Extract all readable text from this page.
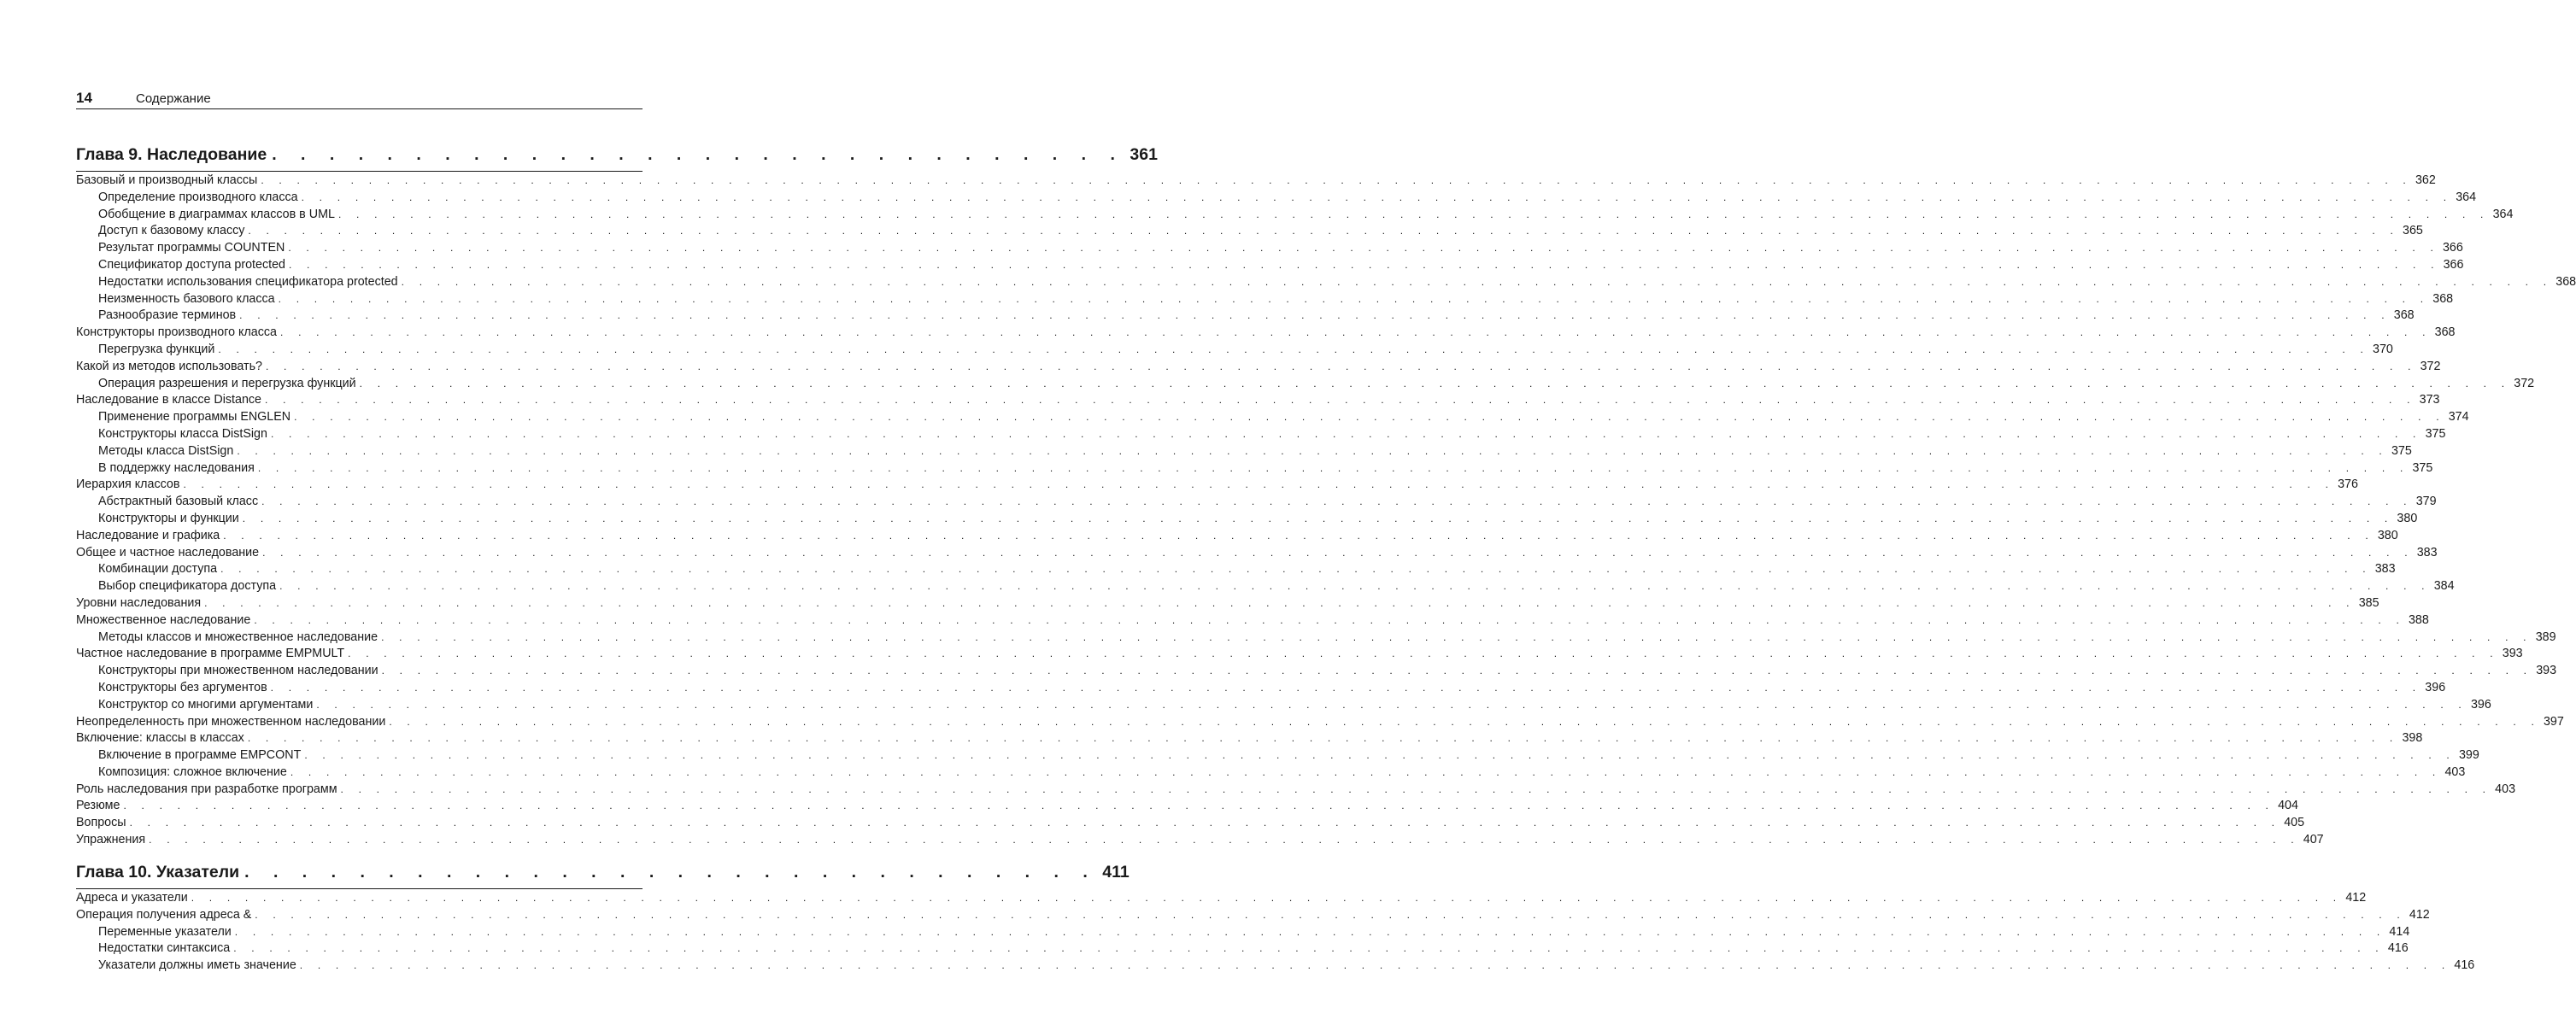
14	Содержание
Глава 9. Наследование . . . . . . . . . . . . . . . . . . . . . . . . . . . . . . 361
Базовый и производный классы . . . . . . . . . . . . . . . . . . . . . . . . . . . . . . . . . . . . . . . . . . . . . . . . . . . . . . . . . . . . . . . . . . . . . . . . . . . . . . . . . . . . . . . . . . . . . . . . . . . . . . . . . . . . . . . . . . . . . . . . 362
Определение производного класса . . . . . . . . . . . . . . . . . . . . . . . . . . . . . . . . . . . . . . . . . . . . . . . . . . . . . . . . . . . . . . . . . . . . . . . . . . . . . . . . . . . . . . . . . . . . . . . . . . . . . . . . . . . . . . . . . . . . . . . . 364
Обобщение в диаграммах классов в UML . . . . . . . . . . . . . . . . . . . . . . . . . . . . . . . . . . . . . . . . . . . . . . . . . . . . . . . . . . . . . . . . . . . . . . . . . . . . . . . . . . . . . . . . . . . . . . . . . . . . . . . . . . . . . . . . . . . . . . . . 364
Доступ к базовому классу . . . . . . . . . . . . . . . . . . . . . . . . . . . . . . . . . . . . . . . . . . . . . . . . . . . . . . . . . . . . . . . . . . . . . . . . . . . . . . . . . . . . . . . . . . . . . . . . . . . . . . . . . . . . . . . . . . . . . . . . 365
Результат программы COUNTEN . . . . . . . . . . . . . . . . . . . . . . . . . . . . . . . . . . . . . . . . . . . . . . . . . . . . . . . . . . . . . . . . . . . . . . . . . . . . . . . . . . . . . . . . . . . . . . . . . . . . . . . . . . . . . . . . . . . . . . . . 366
Спецификатор доступа protected . . . . . . . . . . . . . . . . . . . . . . . . . . . . . . . . . . . . . . . . . . . . . . . . . . . . . . . . . . . . . . . . . . . . . . . . . . . . . . . . . . . . . . . . . . . . . . . . . . . . . . . . . . . . . . . . . . . . . . . . 366
Недостатки использования спецификатора protected . . . . . . . . . . . . . . . . . . . . . . . . . . . . . . . . . . . . . . . . . . . . . . . . . . . . . . . . . . . . . . . . . . . . . . . . . . . . . . . . . . . . . . . . . . . . . . . . . . . . . . . . . . . . . . . . . . . . . . . . 368
Неизменность базового класса . . . . . . . . . . . . . . . . . . . . . . . . . . . . . . . . . . . . . . . . . . . . . . . . . . . . . . . . . . . . . . . . . . . . . . . . . . . . . . . . . . . . . . . . . . . . . . . . . . . . . . . . . . . . . . . . . . . . . . . . 368
Разнообразие терминов . . . . . . . . . . . . . . . . . . . . . . . . . . . . . . . . . . . . . . . . . . . . . . . . . . . . . . . . . . . . . . . . . . . . . . . . . . . . . . . . . . . . . . . . . . . . . . . . . . . . . . . . . . . . . . . . . . . . . . . . 368
Конструкторы производного класса . . . . . . . . . . . . . . . . . . . . . . . . . . . . . . . . . . . . . . . . . . . . . . . . . . . . . . . . . . . . . . . . . . . . . . . . . . . . . . . . . . . . . . . . . . . . . . . . . . . . . . . . . . . . . . . . . . . . . . . . 368
Перегрузка функций . . . . . . . . . . . . . . . . . . . . . . . . . . . . . . . . . . . . . . . . . . . . . . . . . . . . . . . . . . . . . . . . . . . . . . . . . . . . . . . . . . . . . . . . . . . . . . . . . . . . . . . . . . . . . . . . . . . . . . . . 370
Какой из методов использовать? . . . . . . . . . . . . . . . . . . . . . . . . . . . . . . . . . . . . . . . . . . . . . . . . . . . . . . . . . . . . . . . . . . . . . . . . . . . . . . . . . . . . . . . . . . . . . . . . . . . . . . . . . . . . . . . . . . . . . . . . 372
Операция разрешения и перегрузка функций . . . . . . . . . . . . . . . . . . . . . . . . . . . . . . . . . . . . . . . . . . . . . . . . . . . . . . . . . . . . . . . . . . . . . . . . . . . . . . . . . . . . . . . . . . . . . . . . . . . . . . . . . . . . . . . . . . . . . . . . 372
Наследование в классе Distance . . . . . . . . . . . . . . . . . . . . . . . . . . . . . . . . . . . . . . . . . . . . . . . . . . . . . . . . . . . . . . . . . . . . . . . . . . . . . . . . . . . . . . . . . . . . . . . . . . . . . . . . . . . . . . . . . . . . . . . . 373
Применение программы ENGLEN . . . . . . . . . . . . . . . . . . . . . . . . . . . . . . . . . . . . . . . . . . . . . . . . . . . . . . . . . . . . . . . . . . . . . . . . . . . . . . . . . . . . . . . . . . . . . . . . . . . . . . . . . . . . . . . . . . . . . . . . 374
Конструкторы класса DistSign . . . . . . . . . . . . . . . . . . . . . . . . . . . . . . . . . . . . . . . . . . . . . . . . . . . . . . . . . . . . . . . . . . . . . . . . . . . . . . . . . . . . . . . . . . . . . . . . . . . . . . . . . . . . . . . . . . . . . . . . 375
Методы класса DistSign . . . . . . . . . . . . . . . . . . . . . . . . . . . . . . . . . . . . . . . . . . . . . . . . . . . . . . . . . . . . . . . . . . . . . . . . . . . . . . . . . . . . . . . . . . . . . . . . . . . . . . . . . . . . . . . . . . . . . . . . 375
В поддержку наследования . . . . . . . . . . . . . . . . . . . . . . . . . . . . . . . . . . . . . . . . . . . . . . . . . . . . . . . . . . . . . . . . . . . . . . . . . . . . . . . . . . . . . . . . . . . . . . . . . . . . . . . . . . . . . . . . . . . . . . . . 375
Иерархия классов . . . . . . . . . . . . . . . . . . . . . . . . . . . . . . . . . . . . . . . . . . . . . . . . . . . . . . . . . . . . . . . . . . . . . . . . . . . . . . . . . . . . . . . . . . . . . . . . . . . . . . . . . . . . . . . . . . . . . . . . 376
Абстрактный базовый класс . . . . . . . . . . . . . . . . . . . . . . . . . . . . . . . . . . . . . . . . . . . . . . . . . . . . . . . . . . . . . . . . . . . . . . . . . . . . . . . . . . . . . . . . . . . . . . . . . . . . . . . . . . . . . . . . . . . . . . . . 379
Конструкторы и функции . . . . . . . . . . . . . . . . . . . . . . . . . . . . . . . . . . . . . . . . . . . . . . . . . . . . . . . . . . . . . . . . . . . . . . . . . . . . . . . . . . . . . . . . . . . . . . . . . . . . . . . . . . . . . . . . . . . . . . . . 380
Наследование и графика . . . . . . . . . . . . . . . . . . . . . . . . . . . . . . . . . . . . . . . . . . . . . . . . . . . . . . . . . . . . . . . . . . . . . . . . . . . . . . . . . . . . . . . . . . . . . . . . . . . . . . . . . . . . . . . . . . . . . . . . 380
Общее и частное наследование . . . . . . . . . . . . . . . . . . . . . . . . . . . . . . . . . . . . . . . . . . . . . . . . . . . . . . . . . . . . . . . . . . . . . . . . . . . . . . . . . . . . . . . . . . . . . . . . . . . . . . . . . . . . . . . . . . . . . . . . 383
Комбинации доступа . . . . . . . . . . . . . . . . . . . . . . . . . . . . . . . . . . . . . . . . . . . . . . . . . . . . . . . . . . . . . . . . . . . . . . . . . . . . . . . . . . . . . . . . . . . . . . . . . . . . . . . . . . . . . . . . . . . . . . . . 383
Выбор спецификатора доступа . . . . . . . . . . . . . . . . . . . . . . . . . . . . . . . . . . . . . . . . . . . . . . . . . . . . . . . . . . . . . . . . . . . . . . . . . . . . . . . . . . . . . . . . . . . . . . . . . . . . . . . . . . . . . . . . . . . . . . . . 384
Уровни наследования . . . . . . . . . . . . . . . . . . . . . . . . . . . . . . . . . . . . . . . . . . . . . . . . . . . . . . . . . . . . . . . . . . . . . . . . . . . . . . . . . . . . . . . . . . . . . . . . . . . . . . . . . . . . . . . . . . . . . . . . 385
Множественное наследование . . . . . . . . . . . . . . . . . . . . . . . . . . . . . . . . . . . . . . . . . . . . . . . . . . . . . . . . . . . . . . . . . . . . . . . . . . . . . . . . . . . . . . . . . . . . . . . . . . . . . . . . . . . . . . . . . . . . . . . . 388
Методы классов и множественное наследование . . . . . . . . . . . . . . . . . . . . . . . . . . . . . . . . . . . . . . . . . . . . . . . . . . . . . . . . . . . . . . . . . . . . . . . . . . . . . . . . . . . . . . . . . . . . . . . . . . . . . . . . . . . . . . . . . . . . . . . . 389
Частное наследование в программе EMPMULT . . . . . . . . . . . . . . . . . . . . . . . . . . . . . . . . . . . . . . . . . . . . . . . . . . . . . . . . . . . . . . . . . . . . . . . . . . . . . . . . . . . . . . . . . . . . . . . . . . . . . . . . . . . . . . . . . . . . . . . . 393
Конструкторы при множественном наследовании . . . . . . . . . . . . . . . . . . . . . . . . . . . . . . . . . . . . . . . . . . . . . . . . . . . . . . . . . . . . . . . . . . . . . . . . . . . . . . . . . . . . . . . . . . . . . . . . . . . . . . . . . . . . . . . . . . . . . . . . 393
Конструкторы без аргументов . . . . . . . . . . . . . . . . . . . . . . . . . . . . . . . . . . . . . . . . . . . . . . . . . . . . . . . . . . . . . . . . . . . . . . . . . . . . . . . . . . . . . . . . . . . . . . . . . . . . . . . . . . . . . . . . . . . . . . . . 396
Конструктор со многими аргументами . . . . . . . . . . . . . . . . . . . . . . . . . . . . . . . . . . . . . . . . . . . . . . . . . . . . . . . . . . . . . . . . . . . . . . . . . . . . . . . . . . . . . . . . . . . . . . . . . . . . . . . . . . . . . . . . . . . . . . . . 396
Неопределенность при множественном наследовании . . . . . . . . . . . . . . . . . . . . . . . . . . . . . . . . . . . . . . . . . . . . . . . . . . . . . . . . . . . . . . . . . . . . . . . . . . . . . . . . . . . . . . . . . . . . . . . . . . . . . . . . . . . . . . . . . . . . . . . . 397
Включение: классы в классах . . . . . . . . . . . . . . . . . . . . . . . . . . . . . . . . . . . . . . . . . . . . . . . . . . . . . . . . . . . . . . . . . . . . . . . . . . . . . . . . . . . . . . . . . . . . . . . . . . . . . . . . . . . . . . . . . . . . . . . . 398
Включение в программе EMPCONT . . . . . . . . . . . . . . . . . . . . . . . . . . . . . . . . . . . . . . . . . . . . . . . . . . . . . . . . . . . . . . . . . . . . . . . . . . . . . . . . . . . . . . . . . . . . . . . . . . . . . . . . . . . . . . . . . . . . . . . . 399
Композиция: сложное включение . . . . . . . . . . . . . . . . . . . . . . . . . . . . . . . . . . . . . . . . . . . . . . . . . . . . . . . . . . . . . . . . . . . . . . . . . . . . . . . . . . . . . . . . . . . . . . . . . . . . . . . . . . . . . . . . . . . . . . . . 403
Роль наследования при разработке программ . . . . . . . . . . . . . . . . . . . . . . . . . . . . . . . . . . . . . . . . . . . . . . . . . . . . . . . . . . . . . . . . . . . . . . . . . . . . . . . . . . . . . . . . . . . . . . . . . . . . . . . . . . . . . . . . . . . . . . . . 403
Резюме . . . . . . . . . . . . . . . . . . . . . . . . . . . . . . . . . . . . . . . . . . . . . . . . . . . . . . . . . . . . . . . . . . . . . . . . . . . . . . . . . . . . . . . . . . . . . . . . . . . . . . . . . . . . . . . . . . . . . . . . 404
Вопросы . . . . . . . . . . . . . . . . . . . . . . . . . . . . . . . . . . . . . . . . . . . . . . . . . . . . . . . . . . . . . . . . . . . . . . . . . . . . . . . . . . . . . . . . . . . . . . . . . . . . . . . . . . . . . . . . . . . . . . . . 405
Упражнения . . . . . . . . . . . . . . . . . . . . . . . . . . . . . . . . . . . . . . . . . . . . . . . . . . . . . . . . . . . . . . . . . . . . . . . . . . . . . . . . . . . . . . . . . . . . . . . . . . . . . . . . . . . . . . . . . . . . . . . . 407
Глава 10. Указатели . . . . . . . . . . . . . . . . . . . . . . . . . . . . . . 411
Адреса и указатели . . . . . . . . . . . . . . . . . . . . . . . . . . . . . . . . . . . . . . . . . . . . . . . . . . . . . . . . . . . . . . . . . . . . . . . . . . . . . . . . . . . . . . . . . . . . . . . . . . . . . . . . . . . . . . . . . . . . . . . . 412
Операция получения адреса & . . . . . . . . . . . . . . . . . . . . . . . . . . . . . . . . . . . . . . . . . . . . . . . . . . . . . . . . . . . . . . . . . . . . . . . . . . . . . . . . . . . . . . . . . . . . . . . . . . . . . . . . . . . . . . . . . . . . . . . . 412
Переменные указатели . . . . . . . . . . . . . . . . . . . . . . . . . . . . . . . . . . . . . . . . . . . . . . . . . . . . . . . . . . . . . . . . . . . . . . . . . . . . . . . . . . . . . . . . . . . . . . . . . . . . . . . . . . . . . . . . . . . . . . . . 414
Недостатки синтаксиса . . . . . . . . . . . . . . . . . . . . . . . . . . . . . . . . . . . . . . . . . . . . . . . . . . . . . . . . . . . . . . . . . . . . . . . . . . . . . . . . . . . . . . . . . . . . . . . . . . . . . . . . . . . . . . . . . . . . . . . . 416
Указатели должны иметь значение . . . . . . . . . . . . . . . . . . . . . . . . . . . . . . . . . . . . . . . . . . . . . . . . . . . . . . . . . . . . . . . . . . . . . . . . . . . . . . . . . . . . . . . . . . . . . . . . . . . . . . . . . . . . . . . . . . . . . . . . 416
